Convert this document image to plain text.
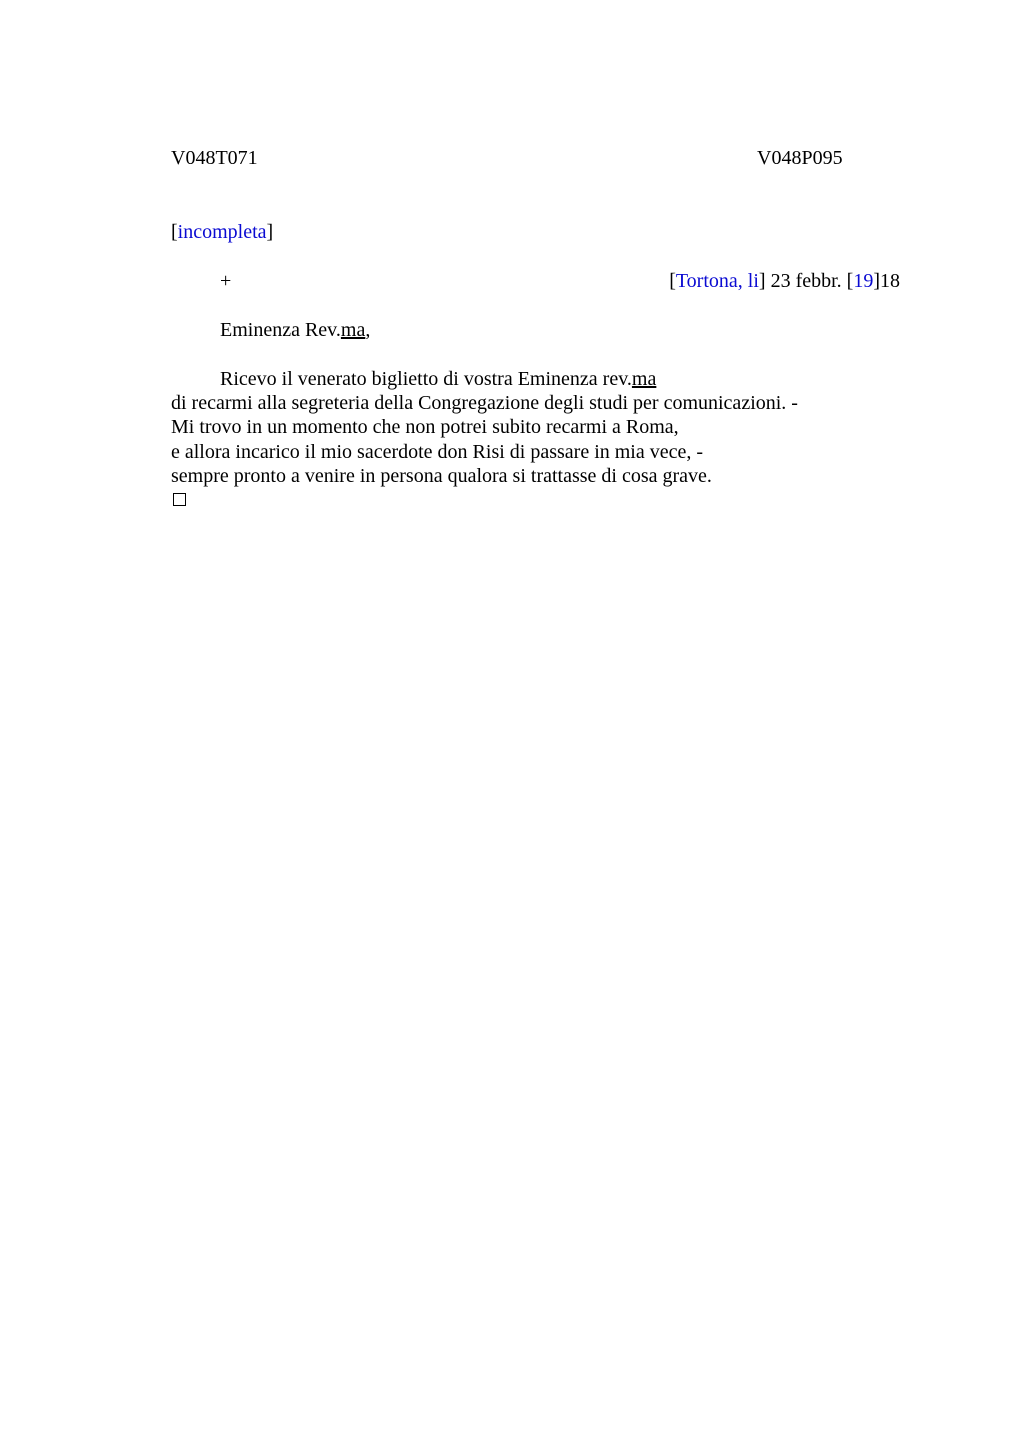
V048T071	V048P095
[incompleta]
+	[Tortona, li] 23 febbr. [19]18
Eminenza Rev.ma,
Ricevo il venerato biglietto di vostra Eminenza rev.ma
di recarmi alla segreteria della Congregazione degli studi per comunicazioni. -
Mi trovo in un momento che non potrei subito recarmi a Roma,
e allora incarico il mio sacerdote don Risi di passare in mia vece, -
sempre pronto a venire in persona qualora si trattasse di cosa grave.
